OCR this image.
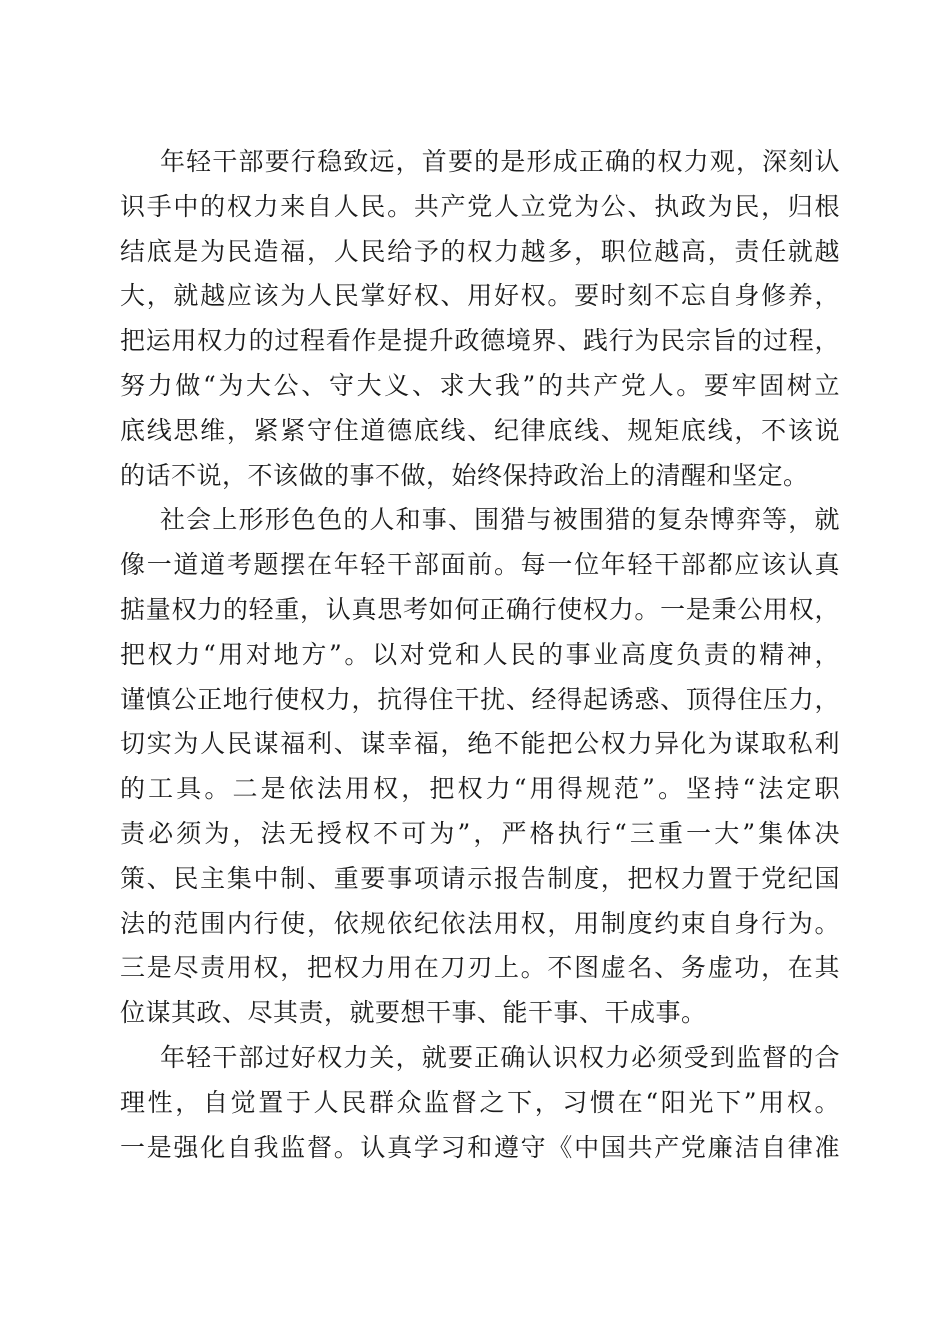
年轻干部要行稳致远，首要的是形成正确的权力观，深刻认
识手中的权力来自人民。共产党人立党为公、执政为民，归根
结底是为民造福，人民给予的权力越多，职位越高，责任就越
大，就越应该为人民掌好权、用好权。要时刻不忘自身修养，
把运用权力的过程看作是提升政德境界、践行为民宗旨的过程，
努力做“为大公、守大义、求大我”的共产党人。要牢固树立
底线思维，紧紧守住道德底线、纪律底线、规矩底线，不该说
的话不说，不该做的事不做，始终保持政治上的清醒和坚定。
社会上形形色色的人和事、围猎与被围猎的复杂博弈等，就
像一道道考题摆在年轻干部面前。每一位年轻干部都应该认真
掂量权力的轻重，认真思考如何正确行使权力。一是秉公用权，
把权力“用对地方”。以对党和人民的事业高度负责的精神，
谨慎公正地行使权力，抗得住干扰、经得起诱惑、顶得住压力，
切实为人民谋福利、谋幸福，绝不能把公权力异化为谋取私利
的工具。二是依法用权，把权力“用得规范”。坚持“法定职
责必须为，法无授权不可为”，严格执行“三重一大”集体决
策、民主集中制、重要事项请示报告制度，把权力置于党纪国
法的范围内行使，依规依纪依法用权，用制度约束自身行为。
三是尽责用权，把权力用在刀刃上。不图虚名、务虚功，在其
位谋其政、尽其责，就要想干事、能干事、干成事。
年轻干部过好权力关，就要正确认识权力必须受到监督的合
理性，自觉置于人民群众监督之下，习惯在“阳光下”用权。
一是强化自我监督。认真学习和遵守《中国共产党廉洁自律准
